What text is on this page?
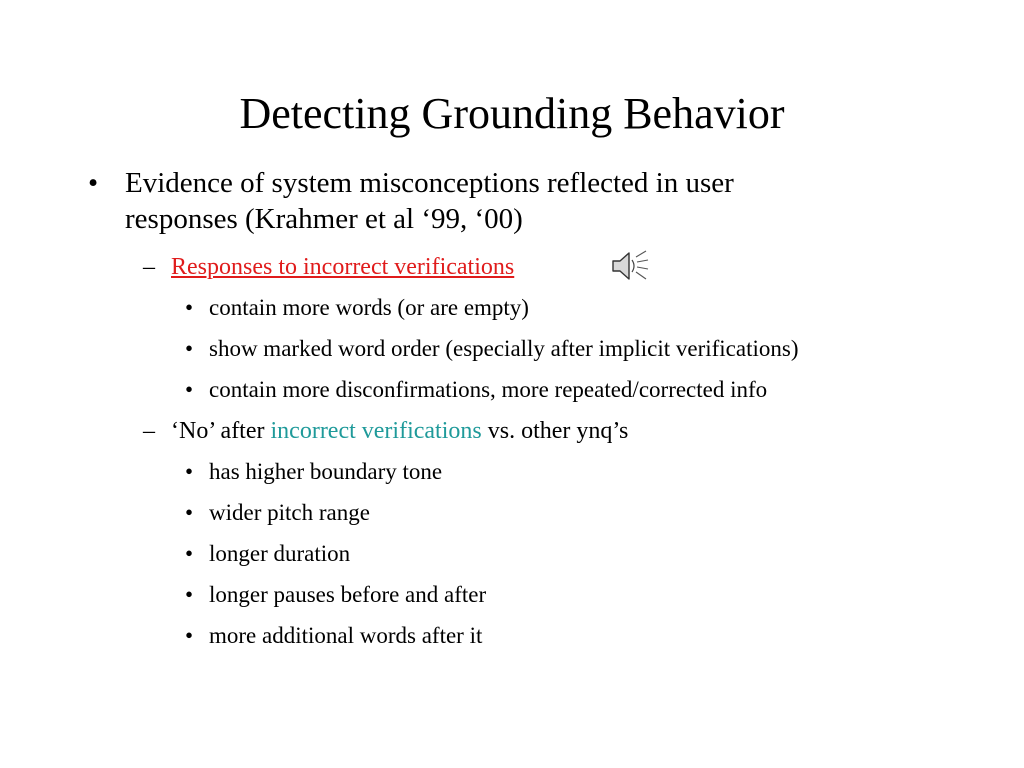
Detecting Grounding Behavior
• Evidence of system misconceptions reflected in user
responses (Krahmer et al ‘99, ‘00)
– Responses to incorrect verifications
• contain more words (or are empty)
• show marked word order (especially after implicit verifications)
• contain more disconfirmations, more repeated/corrected info
– ‘No’ after incorrect verifications vs. other ynq’s
• has higher boundary tone
• wider pitch range
• longer duration
• longer pauses before and after
• more additional words after it
